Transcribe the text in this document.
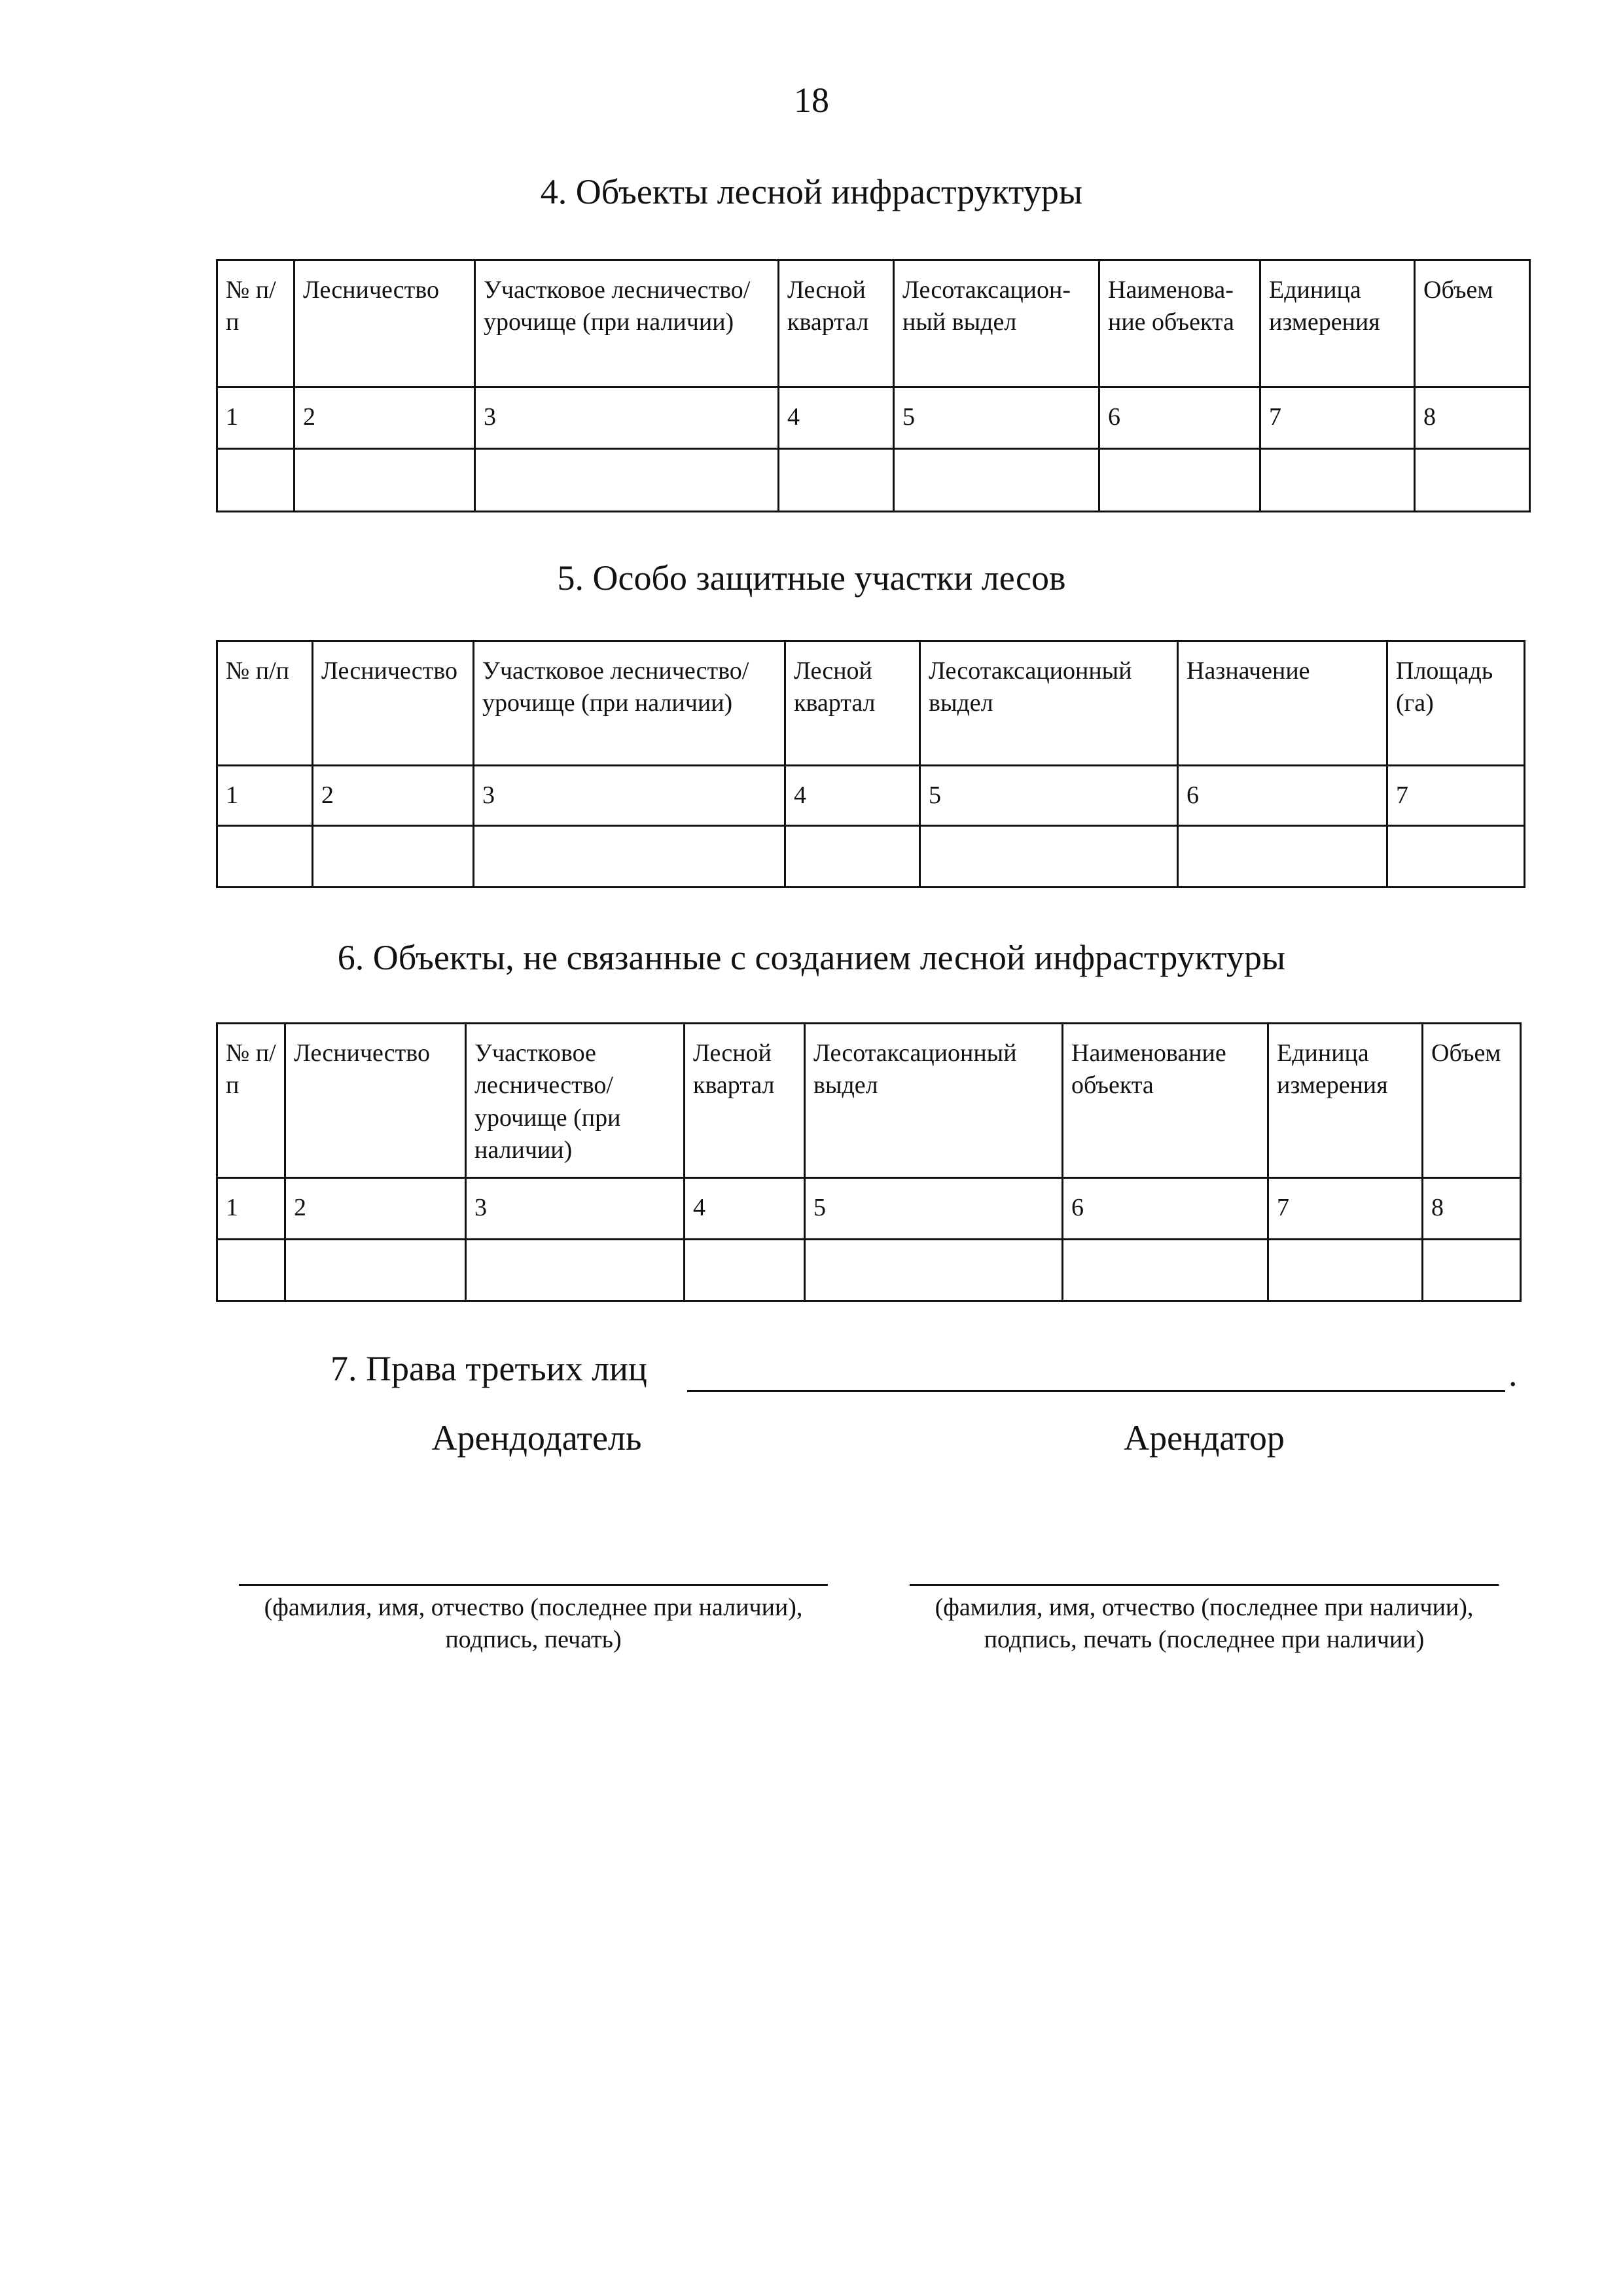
18
4. Объекты лесной инфраструктуры
№ п/п	Лесничество	Участковое лесничество/урочище (при наличии)	Лесной квартал	Лесотаксацион-ный выдел	Наименова-ние объекта	Единица измерения	Объем
1	2	3	4	5	6	7	8

5. Особо защитные участки лесов
№ п/п	Лесничество	Участковое лесничество/урочище (при наличии)	Лесной квартал	Лесотаксационный выдел	Назначение	Площадь (га)
1	2	3	4	5	6	7

6. Объекты, не связанные с созданием лесной инфраструктуры
№ п/п	Лесничество	Участковое лесничество/ урочище (при наличии)	Лесной квартал	Лесотаксационный выдел	Наименование объекта	Единица измерения	Объем
1	2	3	4	5	6	7	8

7. Права третьих лиц	.
Арендодатель	Арендатор
(фамилия, имя, отчество (последнее при наличии),
подпись, печать)
(фамилия, имя, отчество (последнее при наличии),
подпись, печать (последнее при наличии)
